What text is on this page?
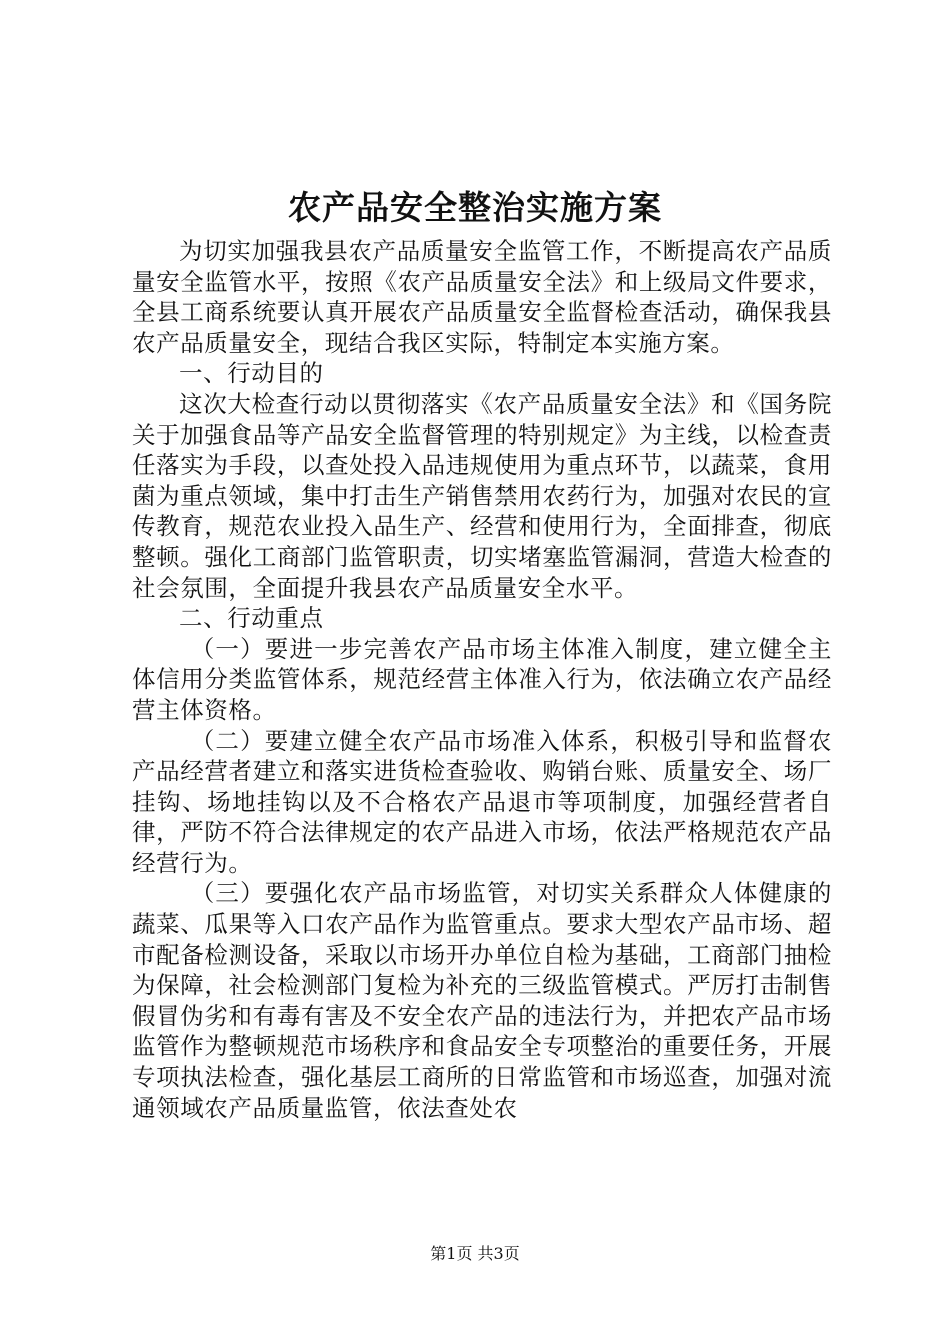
农产品安全整治实施方案

为切实加强我县农产品质量安全监管工作，不断提高农产品质量安全监管水平，按照《农产品质量安全法》和上级局文件要求，全县工商系统要认真开展农产品质量安全监督检查活动，确保我县农产品质量安全，现结合我区实际，特制定本实施方案。

一、行动目的

这次大检查行动以贯彻落实《农产品质量安全法》和《国务院关于加强食品等产品安全监督管理的特别规定》为主线，以检查责任落实为手段，以查处投入品违规使用为重点环节，以蔬菜，食用菌为重点领域，集中打击生产销售禁用农药行为，加强对农民的宣传教育，规范农业投入品生产、经营和使用行为，全面排查，彻底整顿。强化工商部门监管职责，切实堵塞监管漏洞，营造大检查的社会氛围，全面提升我县农产品质量安全水平。

二、行动重点

（一）要进一步完善农产品市场主体准入制度，建立健全主体信用分类监管体系，规范经营主体准入行为，依法确立农产品经营主体资格。

（二）要建立健全农产品市场准入体系，积极引导和监督农产品经营者建立和落实进货检查验收、购销台账、质量安全、场厂挂钩、场地挂钩以及不合格农产品退市等项制度，加强经营者自律，严防不符合法律规定的农产品进入市场，依法严格规范农产品经营行为。

（三）要强化农产品市场监管，对切实关系群众人体健康的蔬菜、瓜果等入口农产品作为监管重点。要求大型农产品市场、超市配备检测设备，采取以市场开办单位自检为基础，工商部门抽检为保障，社会检测部门复检为补充的三级监管模式。严厉打击制售假冒伪劣和有毒有害及不安全农产品的违法行为，并把农产品市场监管作为整顿规范市场秩序和食品安全专项整治的重要任务，开展专项执法检查，强化基层工商所的日常监管和市场巡查，加强对流通领域农产品质量监管，依法查处农

第1页 共3页
